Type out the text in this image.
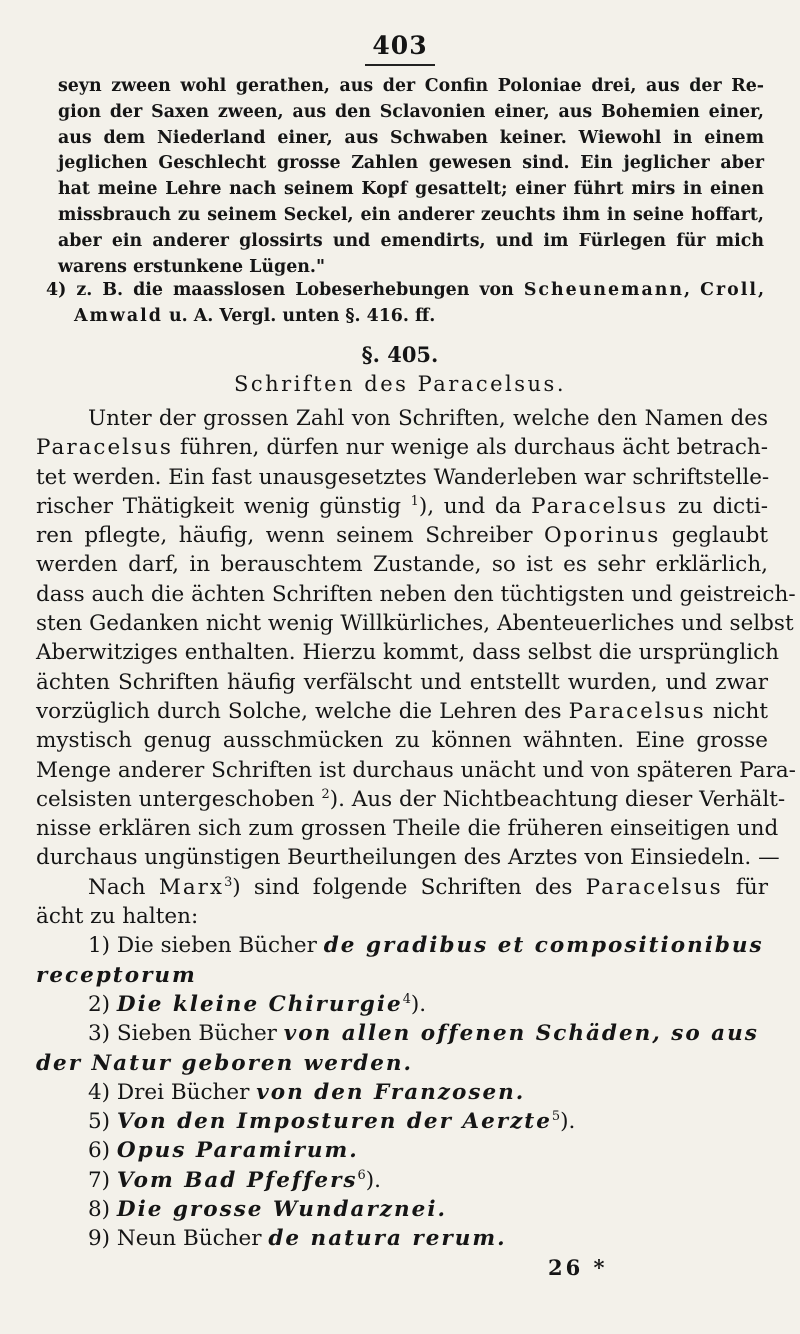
403
seyn zween wohl gerathen, aus der Confin Poloniae drei, aus der Re-
gion der Saxen zween, aus den Sclavonien einer, aus Bohemien einer,
aus dem Niederland einer, aus Schwaben keiner. Wiewohl in einem
jeglichen Geschlecht grosse Zahlen gewesen sind. Ein jeglicher aber
hat meine Lehre nach seinem Kopf gesattelt; einer führt mirs in einen
missbrauch zu seinem Seckel, ein anderer zeuchts ihm in seine hoffart,
aber ein anderer glossirts und emendirts, und im Fürlegen für mich
warens erstunkene Lügen."
4) z. B. die maasslosen Lobeserhebungen von Scheunemann, Croll,
Amwald u. A. Vergl. unten §. 416. ff.
§. 405.
Schriften des Paracelsus.
Unter der grossen Zahl von Schriften, welche den Namen des
Paracelsus führen, dürfen nur wenige als durchaus ächt betrach-
tet werden. Ein fast unausgesetztes Wanderleben war schriftstelle-
rischer Thätigkeit wenig günstig $^1$), und da Paracelsus zu dicti-
ren pflegte, häufig, wenn seinem Schreiber Oporinus geglaubt
werden darf, in berauschtem Zustande, so ist es sehr erklärlich,
dass auch die ächten Schriften neben den tüchtigsten und geistreich-
sten Gedanken nicht wenig Willkürliches, Abenteuerliches und selbst
Aberwitziges enthalten. Hierzu kommt, dass selbst die ursprünglich
ächten Schriften häufig verfälscht und entstellt wurden, und zwar
vorzüglich durch Solche, welche die Lehren des Paracelsus nicht
mystisch genug ausschmücken zu können wähnten. Eine grosse
Menge anderer Schriften ist durchaus unächt und von späteren Para-
celsisten untergeschoben $^2$). Aus der Nichtbeachtung dieser Verhält-
nisse erklären sich zum grossen Theile die früheren einseitigen und
durchaus ungünstigen Beurtheilungen des Arztes von Einsiedeln. —
Nach Marx$^3$) sind folgende Schriften des Paracelsus für
ächt zu halten:
1) Die sieben Bücher de gradibus et compositionibus
receptorum
2) Die kleine Chirurgie$^4$).
3) Sieben Bücher von allen offenen Schäden, so aus
der Natur geboren werden.
4) Drei Bücher von den Franzosen.
5) Von den Imposturen der Aerzte$^5$).
6) Opus Paramirum.
7) Vom Bad Pfeffers$^6$).
8) Die grosse Wundarznei.
9) Neun Bücher de natura rerum.
26 *
